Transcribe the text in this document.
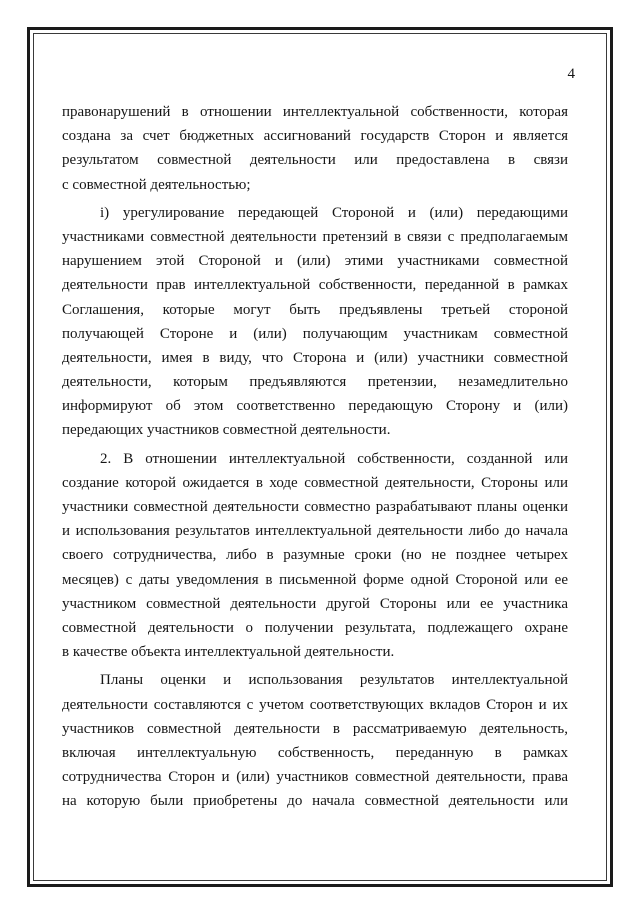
4

правонарушений в отношении интеллектуальной собственности, которая

создана за счет бюджетных ассигнований государств Сторон и является

результатом совместной деятельности или предоставлена в связи

с совместной деятельностью;

i) урегулирование передающей Стороной и (или) передающими

участниками совместной деятельности претензий в связи с предполагаемым

нарушением этой Стороной и (или) этими участниками совместной

деятельности прав интеллектуальной собственности, переданной в рамках

Соглашения, которые могут быть предъявлены третьей стороной

получающей Стороне и (или) получающим участникам совместной

деятельности, имея в виду, что Сторона и (или) участники совместной

деятельности, которым предъявляются претензии, незамедлительно

информируют об этом соответственно передающую Сторону и (или)

передающих участников совместной деятельности.

2. В отношении интеллектуальной собственности, созданной или

создание которой ожидается в ходе совместной деятельности, Стороны или

участники совместной деятельности совместно разрабатывают планы оценки

и использования результатов интеллектуальной деятельности либо до начала

своего сотрудничества, либо в разумные сроки (но не позднее четырех

месяцев) с даты уведомления в письменной форме одной Стороной или ее

участником совместной деятельности другой Стороны или ее участника

совместной деятельности о получении результата, подлежащего охране

в качестве объекта интеллектуальной деятельности.

Планы оценки и использования результатов интеллектуальной

деятельности составляются с учетом соответствующих вкладов Сторон и их

участников совместной деятельности в рассматриваемую деятельность,

включая интеллектуальную собственность, переданную в рамках

сотрудничества Сторон и (или) участников совместной деятельности, права

на которую были приобретены до начала совместной деятельности или
